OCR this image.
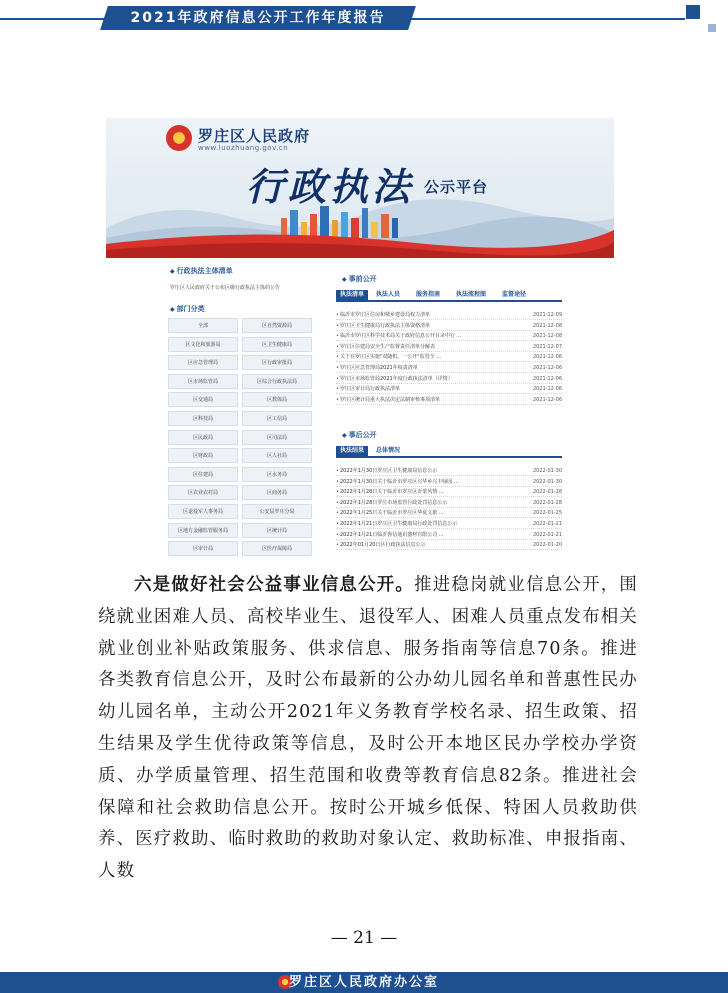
2021年政府信息公开工作年度报告
罗庄区人民政府
www.luozhuang.gov.cn
行政执法 公示平台
◆ 行政执法主体清单
罗庄区人民政府关于公布区级行政执法主体的公告
◆ 部门分类
全部	区自然资源局
区文化和旅游局	区卫生健康局
区应急管理局	区行政审批局
区市场监管局	区综合行政执法局
区交通局	区教体局
区科技局	区工信局
区民政局	区司法局
区财政局	区人社局
区住建局	区水务局
区农业农村局	区商务局
区退役军人事务局	公安局罗庄分局
区地方金融监管服务局	区统计局
区审计局	区医疗保障局
◆ 事前公开
执法清单	执法人员	服务指南	执法流程图	监督途径
• 临沂市罗庄区住房和城乡建设局权力清单	2021-12-09
• 罗庄区卫生健康局行政执法主体资格清单	2021-12-08
• 临沂市罗庄区科学技术局关于政府信息公开目录中行 ...	2021-12-08
• 罗庄区住建局安全生产监督责任清单分解表	2021-12-07
• 关于在罗庄区实施"双随机、一公开"监管全 ...	2021-12-06
• 罗庄区应急管理局2021年权责清单	2021-12-06
• 罗庄区市场监管局2021年度行政执法清单（详情）	2021-12-06
• 罗庄区审计局行政执法清单	2021-12-06
• 罗庄区统计局重大执法决定法制审核事项清单	2021-12-06
◆ 事后公开
执法结果	总体情况
• 2022年1月30日罗庄区卫生健康局信息公示	2022-01-30
• 2022年1月30日关于临沂市罗庄区兴华乡兴丰绿园 ...	2022-01-30
• 2022年1月28日关于临沂市罗庄区沂蒙风情 ...	2022-01-28
• 2022年1月28日罗庄市场监管行政处罚信息公示	2022-01-28
• 2022年1月25日关于临沂市罗庄区华夏文旅 ...	2022-01-25
• 2022年1月21日罗庄区卫生健康局行政处罚信息公示	2022-01-21
• 2022年1月21日临沂鲁信通讯器材有限公司 ...	2022-01-21
• 2022年01月20日区行政执法信息公示	2022-01-20
六是做好社会公益事业信息公开。推进稳岗就业信息公开，围绕就业困难人员、高校毕业生、退役军人、困难人员重点发布相关就业创业补贴政策服务、供求信息、服务指南等信息70条。推进各类教育信息公开，及时公布最新的公办幼儿园名单和普惠性民办幼儿园名单，主动公开2021年义务教育学校名录、招生政策、招生结果及学生优待政策等信息，及时公开本地区民办学校办学资质、办学质量管理、招生范围和收费等教育信息82条。推进社会保障和社会救助信息公开。按时公开城乡低保、特困人员救助供养、医疗救助、临时救助的救助对象认定、救助标准、申报指南、人数
— 21 —
罗庄区人民政府办公室
